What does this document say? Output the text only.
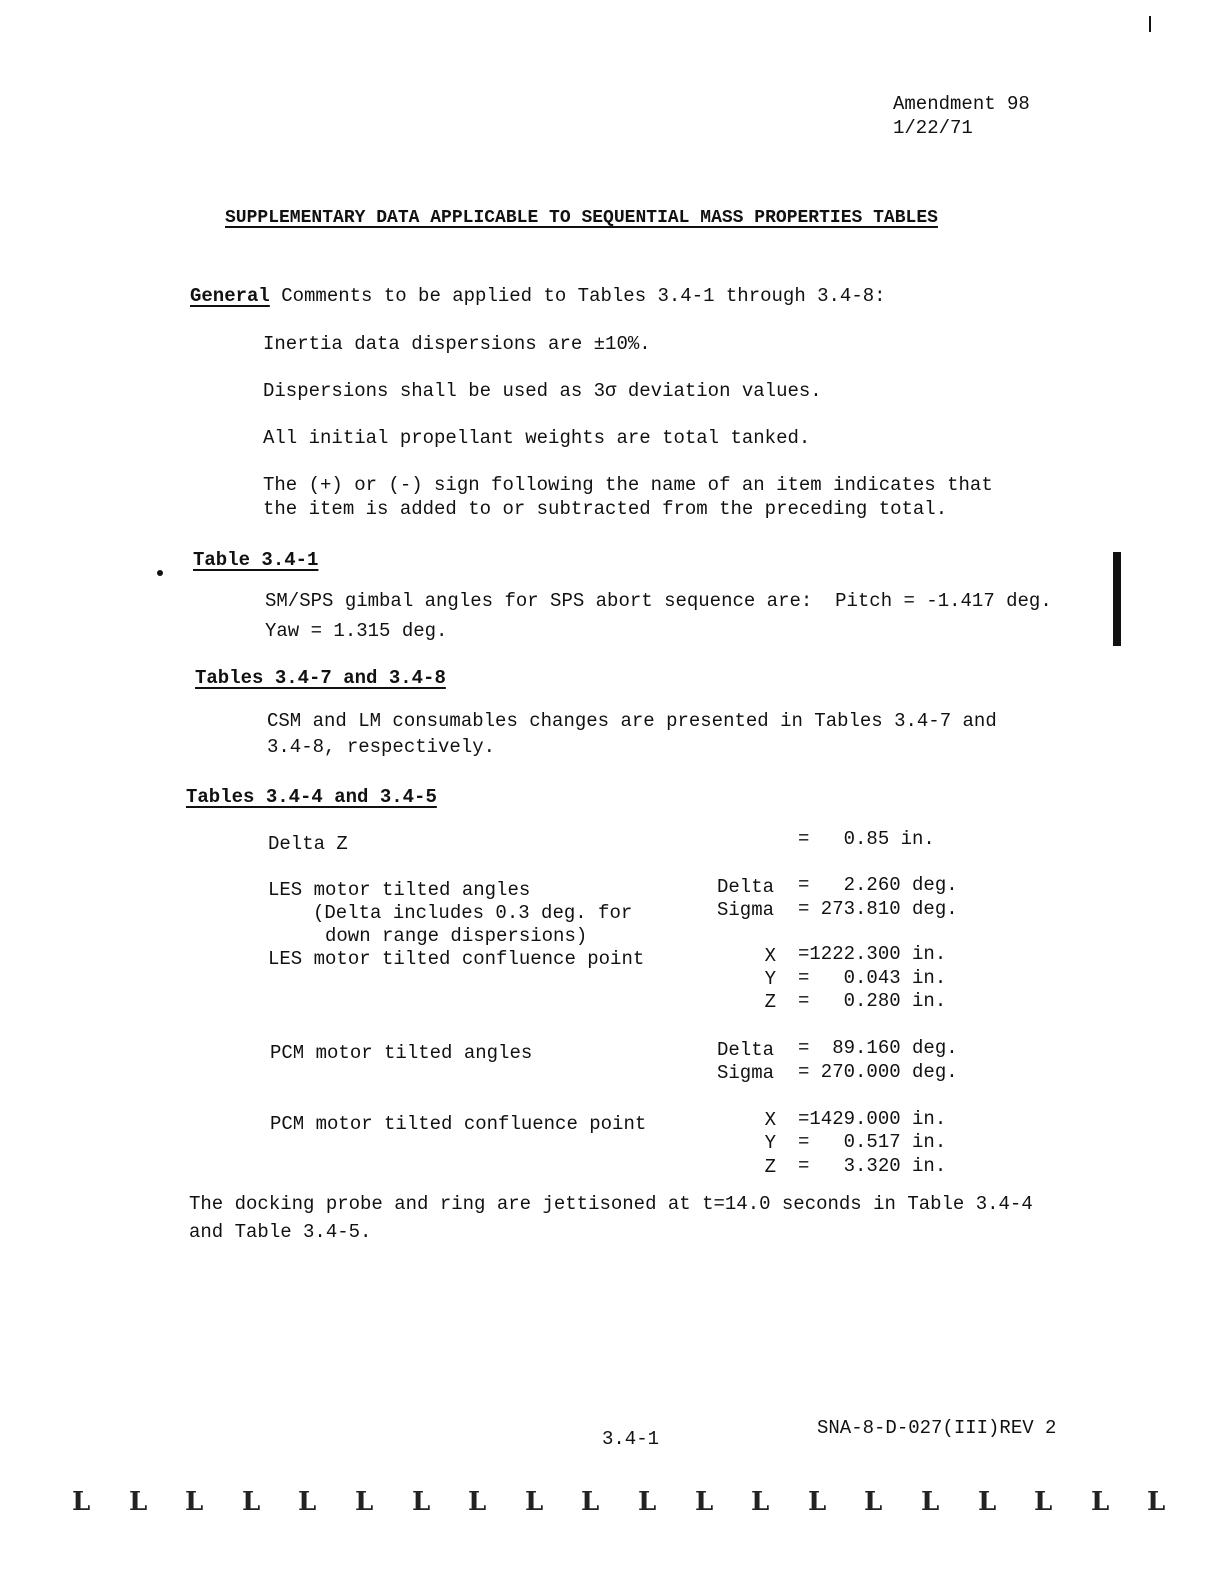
Amendment 98
1/22/71
SUPPLEMENTARY DATA APPLICABLE TO SEQUENTIAL MASS PROPERTIES TABLES
General Comments to be applied to Tables 3.4-1 through 3.4-8:
Inertia data dispersions are ±10%.
Dispersions shall be used as 3σ deviation values.
All initial propellant weights are total tanked.
The (+) or (-) sign following the name of an item indicates that
the item is added to or subtracted from the preceding total.
Table 3.4-1
SM/SPS gimbal angles for SPS abort sequence are:  Pitch = -1.417 deg.
Yaw = 1.315 deg.
Tables 3.4-7 and 3.4-8
CSM and LM consumables changes are presented in Tables 3.4-7 and
3.4-8, respectively.
Tables 3.4-4 and 3.4-5
Delta Z	=   0.85 in.
LES motor tilted angles
(Delta includes 0.3 deg. for
down range dispersions)
Delta =   2.260 deg.
Sigma = 273.810 deg.
LES motor tilted confluence point	X =1222.300 in.
Y =   0.043 in.
Z =   0.280 in.
PCM motor tilted angles	Delta =  89.160 deg.
Sigma = 270.000 deg.
PCM motor tilted confluence point	X =1429.000 in.
Y =   0.517 in.
Z =   3.320 in.
The docking probe and ring are jettisoned at t=14.0 seconds in Table 3.4-4
and Table 3.4-5.
3.4-1	SNA-8-D-027(III)REV 2
L L L L L L L L L L L L L L L L L L L L
